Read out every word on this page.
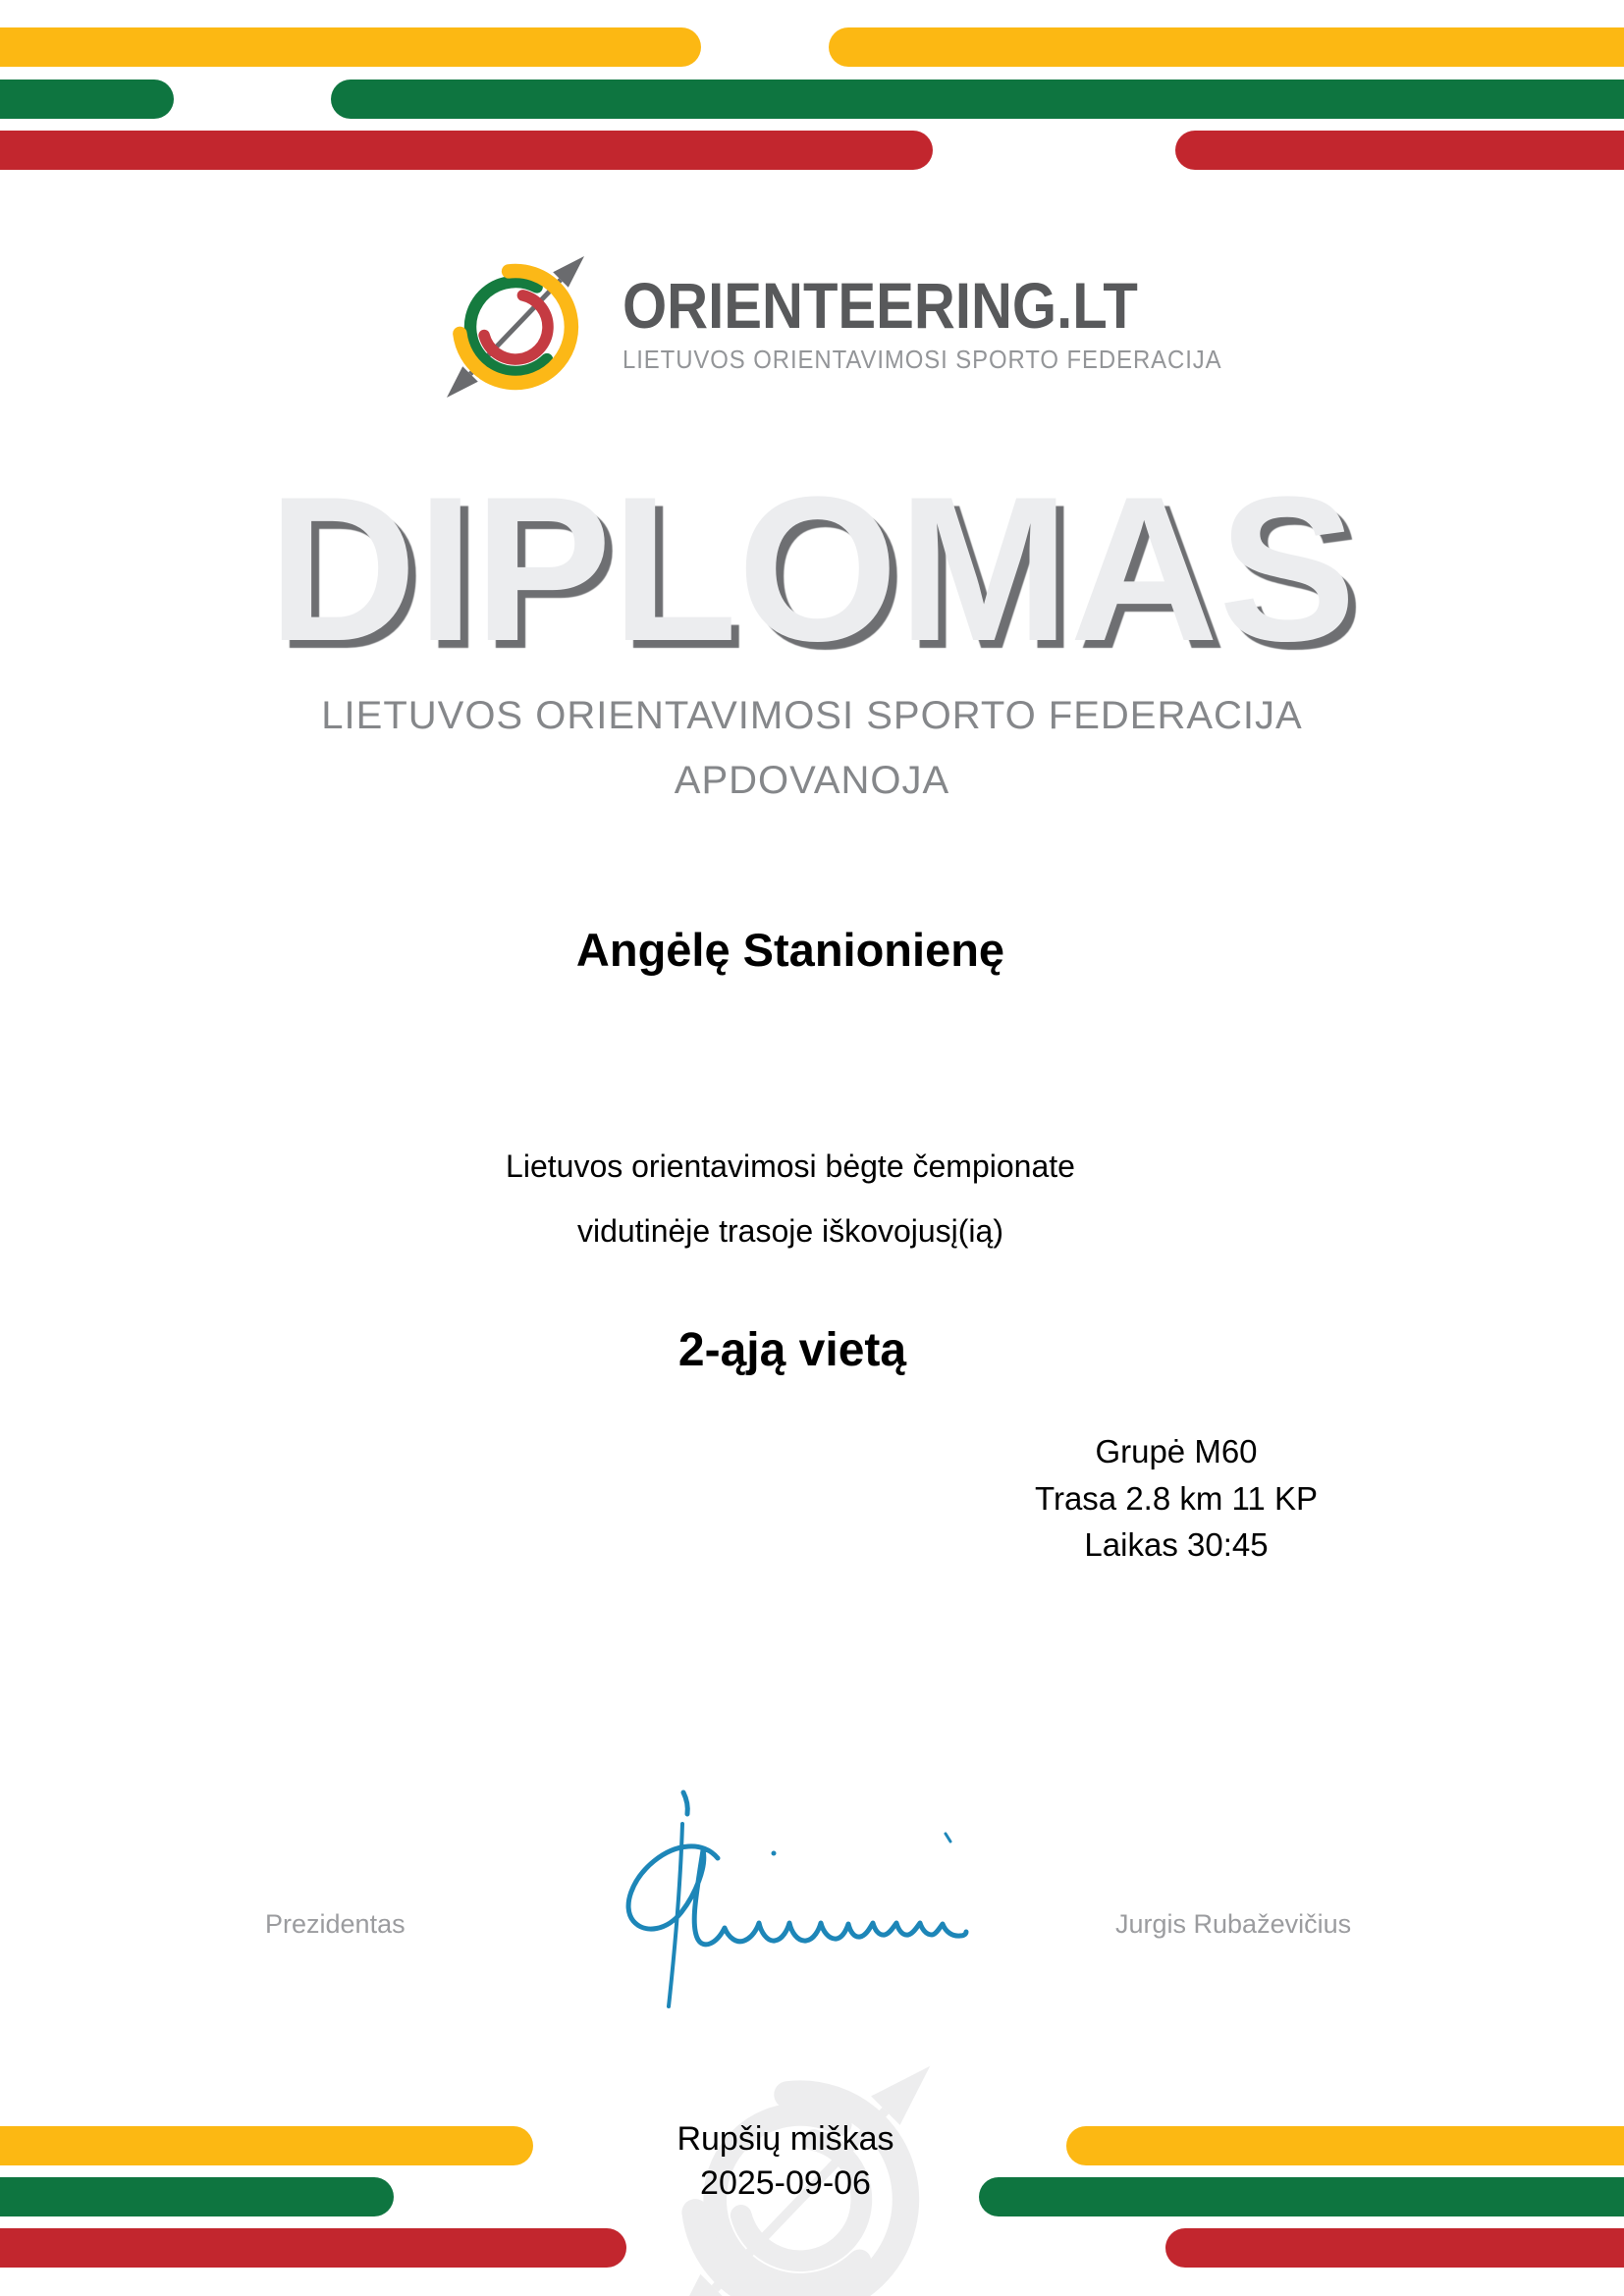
ORIENTEERING.LT
LIETUVOS ORIENTAVIMOSI SPORTO FEDERACIJA
DIPLOMAS
LIETUVOS ORIENTAVIMOSI SPORTO FEDERACIJA
APDOVANOJA
Angėlę Stanionienę
Lietuvos orientavimosi bėgte čempionate
vidutinėje trasoje iškovojusį(ią)
2-ąją vietą
Grupė M60
Trasa 2.8 km 11 KP
Laikas 30:45
Prezidentas	Jurgis Rubaževičius
Rupšių miškas
2025-09-06
